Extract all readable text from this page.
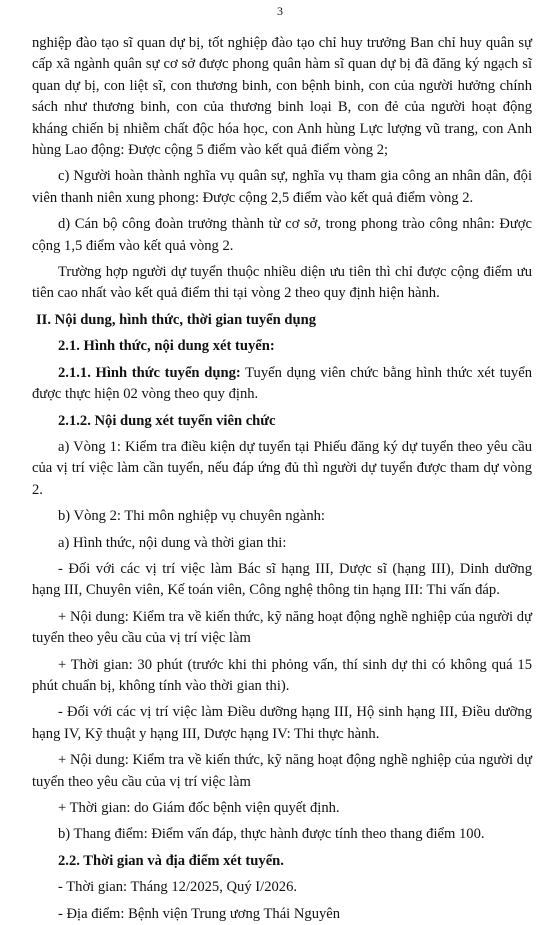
3

nghiệp đào tạo sĩ quan dự bị, tốt nghiệp đào tạo chỉ huy trưởng Ban chỉ huy quân sự cấp xã ngành quân sự cơ sở được phong quân hàm sĩ quan dự bị đã đăng ký ngạch sĩ quan dự bị, con liệt sĩ, con thương binh, con bệnh binh, con của người hưởng chính sách như thương binh, con của thương binh loại B, con đẻ của người hoạt động kháng chiến bị nhiễm chất độc hóa học, con Anh hùng Lực lượng vũ trang, con Anh hùng Lao động: Được cộng 5 điểm vào kết quả điểm vòng 2;

c) Người hoàn thành nghĩa vụ quân sự, nghĩa vụ tham gia công an nhân dân, đội viên thanh niên xung phong: Được cộng 2,5 điểm vào kết quả điểm vòng 2.

d) Cán bộ công đoàn trưởng thành từ cơ sở, trong phong trào công nhân: Được cộng 1,5 điểm vào kết quả vòng 2.

Trường hợp người dự tuyển thuộc nhiều diện ưu tiên thì chỉ được cộng điểm ưu tiên cao nhất vào kết quả điểm thi tại vòng 2 theo quy định hiện hành.

II. Nội dung, hình thức, thời gian tuyển dụng

2.1. Hình thức, nội dung xét tuyển:

2.1.1. Hình thức tuyển dụng: Tuyển dụng viên chức bằng hình thức xét tuyển được thực hiện 02 vòng theo quy định.

2.1.2. Nội dung xét tuyển viên chức

a) Vòng 1: Kiểm tra điều kiện dự tuyển tại Phiếu đăng ký dự tuyển theo yêu cầu của vị trí việc làm cần tuyển, nếu đáp ứng đủ thì người dự tuyển được tham dự vòng 2.

b) Vòng 2: Thi môn nghiệp vụ chuyên ngành:

a) Hình thức, nội dung và thời gian thi:

- Đối với các vị trí việc làm Bác sĩ hạng III, Dược sĩ (hạng III), Dinh dưỡng hạng III, Chuyên viên, Kế toán viên, Công nghệ thông tin hạng III: Thi vấn đáp.

+ Nội dung: Kiểm tra về kiến thức, kỹ năng hoạt động nghề nghiệp của người dự tuyển theo yêu cầu của vị trí việc làm

+ Thời gian: 30 phút (trước khi thi phỏng vấn, thí sinh dự thi có không quá 15 phút chuẩn bị, không tính vào thời gian thi).

- Đối với các vị trí việc làm Điều dưỡng hạng III, Hộ sinh hạng III, Điều dưỡng hạng IV, Kỹ thuật y hạng III, Dược hạng IV: Thi thực hành.

+ Nội dung: Kiểm tra về kiến thức, kỹ năng hoạt động nghề nghiệp của người dự tuyển theo yêu cầu của vị trí việc làm

+ Thời gian: do Giám đốc bệnh viện quyết định.

b) Thang điểm: Điểm vấn đáp, thực hành được tính theo thang điểm 100.

2.2. Thời gian và địa điểm xét tuyển.

- Thời gian: Tháng 12/2025, Quý I/2026.

- Địa điểm: Bệnh viện Trung ương Thái Nguyên
